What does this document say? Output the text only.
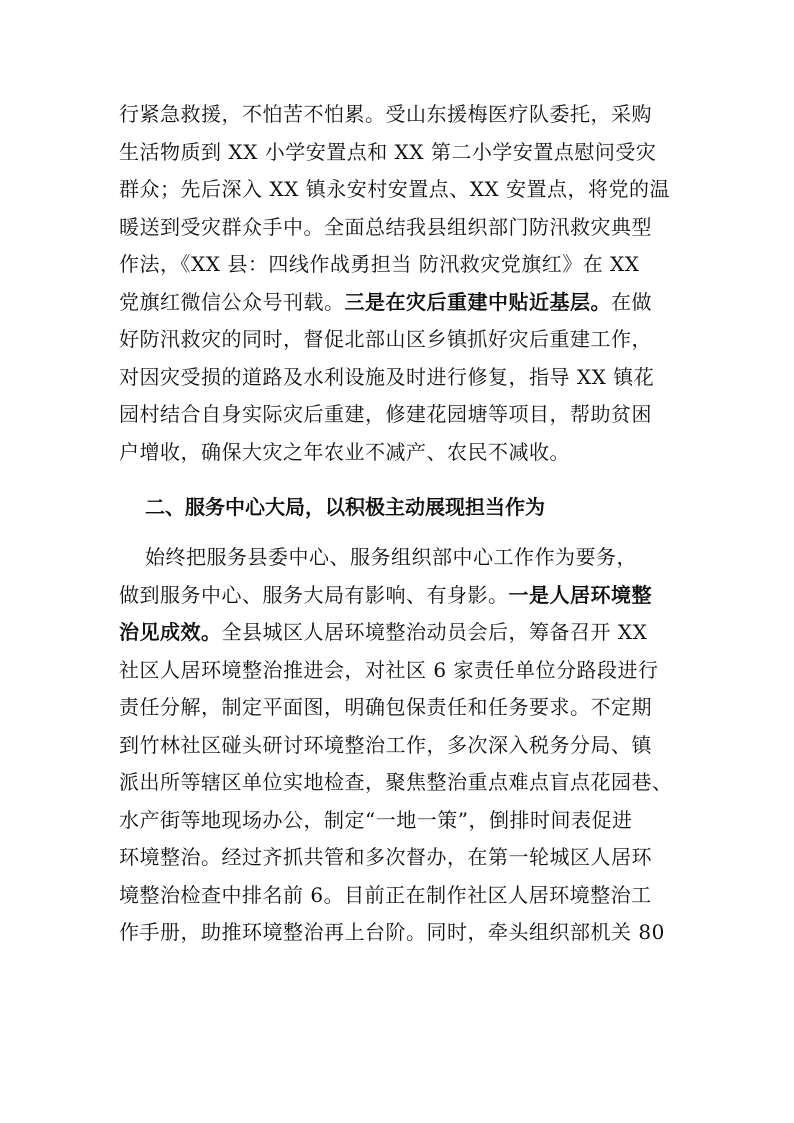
行紧急救援，不怕苦不怕累。受山东援梅医疗队委托，采购
生活物质到 XX 小学安置点和 XX 第二小学安置点慰问受灾
群众；先后深入 XX 镇永安村安置点、XX 安置点，将党的温
暖送到受灾群众手中。全面总结我县组织部门防汛救灾典型
作法，《XX 县：四线作战勇担当 防汛救灾党旗红》在 XX
党旗红微信公众号刊载。三是在灾后重建中贴近基层。在做
好防汛救灾的同时，督促北部山区乡镇抓好灾后重建工作，
对因灾受损的道路及水利设施及时进行修复，指导 XX 镇花
园村结合自身实际灾后重建，修建花园塘等项目，帮助贫困
户增收，确保大灾之年农业不减产、农民不减收。
二、服务中心大局，以积极主动展现担当作为
始终把服务县委中心、服务组织部中心工作作为要务，
做到服务中心、服务大局有影响、有身影。一是人居环境整
治见成效。全县城区人居环境整治动员会后，筹备召开 XX
社区人居环境整治推进会，对社区 6 家责任单位分路段进行
责任分解，制定平面图，明确包保责任和任务要求。不定期
到竹林社区碰头研讨环境整治工作，多次深入税务分局、镇
派出所等辖区单位实地检查，聚焦整治重点难点盲点花园巷、
水产街等地现场办公，制定“一地一策”，倒排时间表促进
环境整治。经过齐抓共管和多次督办，在第一轮城区人居环
境整治检查中排名前 6。目前正在制作社区人居环境整治工
作手册，助推环境整治再上台阶。同时，牵头组织部机关 80
